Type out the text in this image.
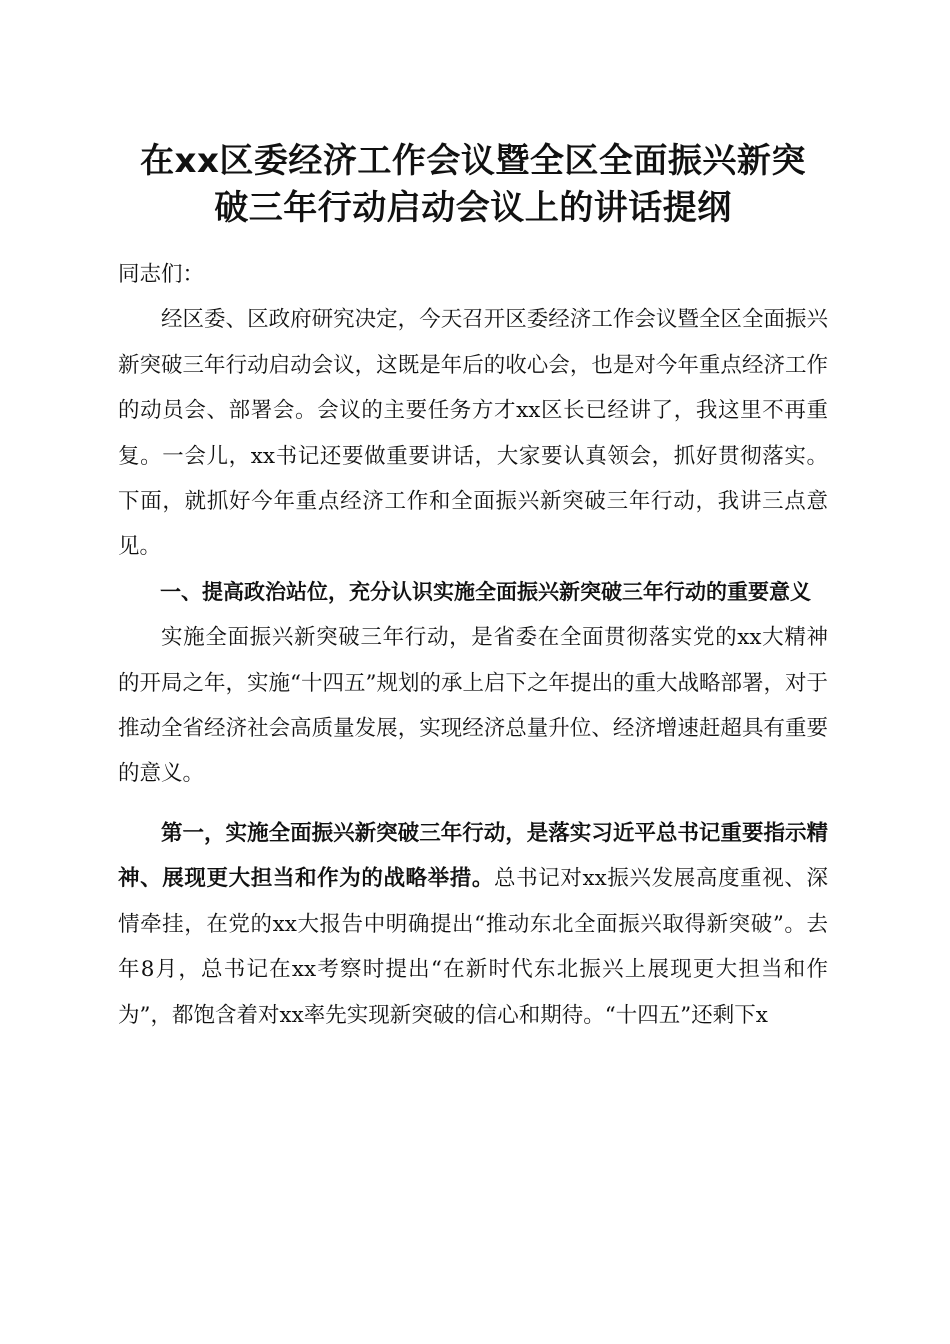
在xx区委经济工作会议暨全区全面振兴新突
破三年行动启动会议上的讲话提纲

同志们：

经区委、区政府研究决定，今天召开区委经济工作会议暨全区全面振兴新突破三年行动启动会议，这既是年后的收心会，也是对今年重点经济工作的动员会、部署会。会议的主要任务方才xx区长已经讲了，我这里不再重复。一会儿，xx书记还要做重要讲话，大家要认真领会，抓好贯彻落实。下面，就抓好今年重点经济工作和全面振兴新突破三年行动，我讲三点意见。

一、提高政治站位，充分认识实施全面振兴新突破三年行动的重要意义

实施全面振兴新突破三年行动，是省委在全面贯彻落实党的xx大精神的开局之年，实施“十四五”规划的承上启下之年提出的重大战略部署，对于推动全省经济社会高质量发展，实现经济总量升位、经济增速赶超具有重要的意义。

第一，实施全面振兴新突破三年行动，是落实习近平总书记重要指示精神、展现更大担当和作为的战略举措。总书记对xx振兴发展高度重视、深情牵挂，在党的xx大报告中明确提出“推动东北全面振兴取得新突破”。去年8月，总书记在xx考察时提出“在新时代东北振兴上展现更大担当和作为”，都饱含着对xx率先实现新突破的信心和期待。“十四五”还剩下x
